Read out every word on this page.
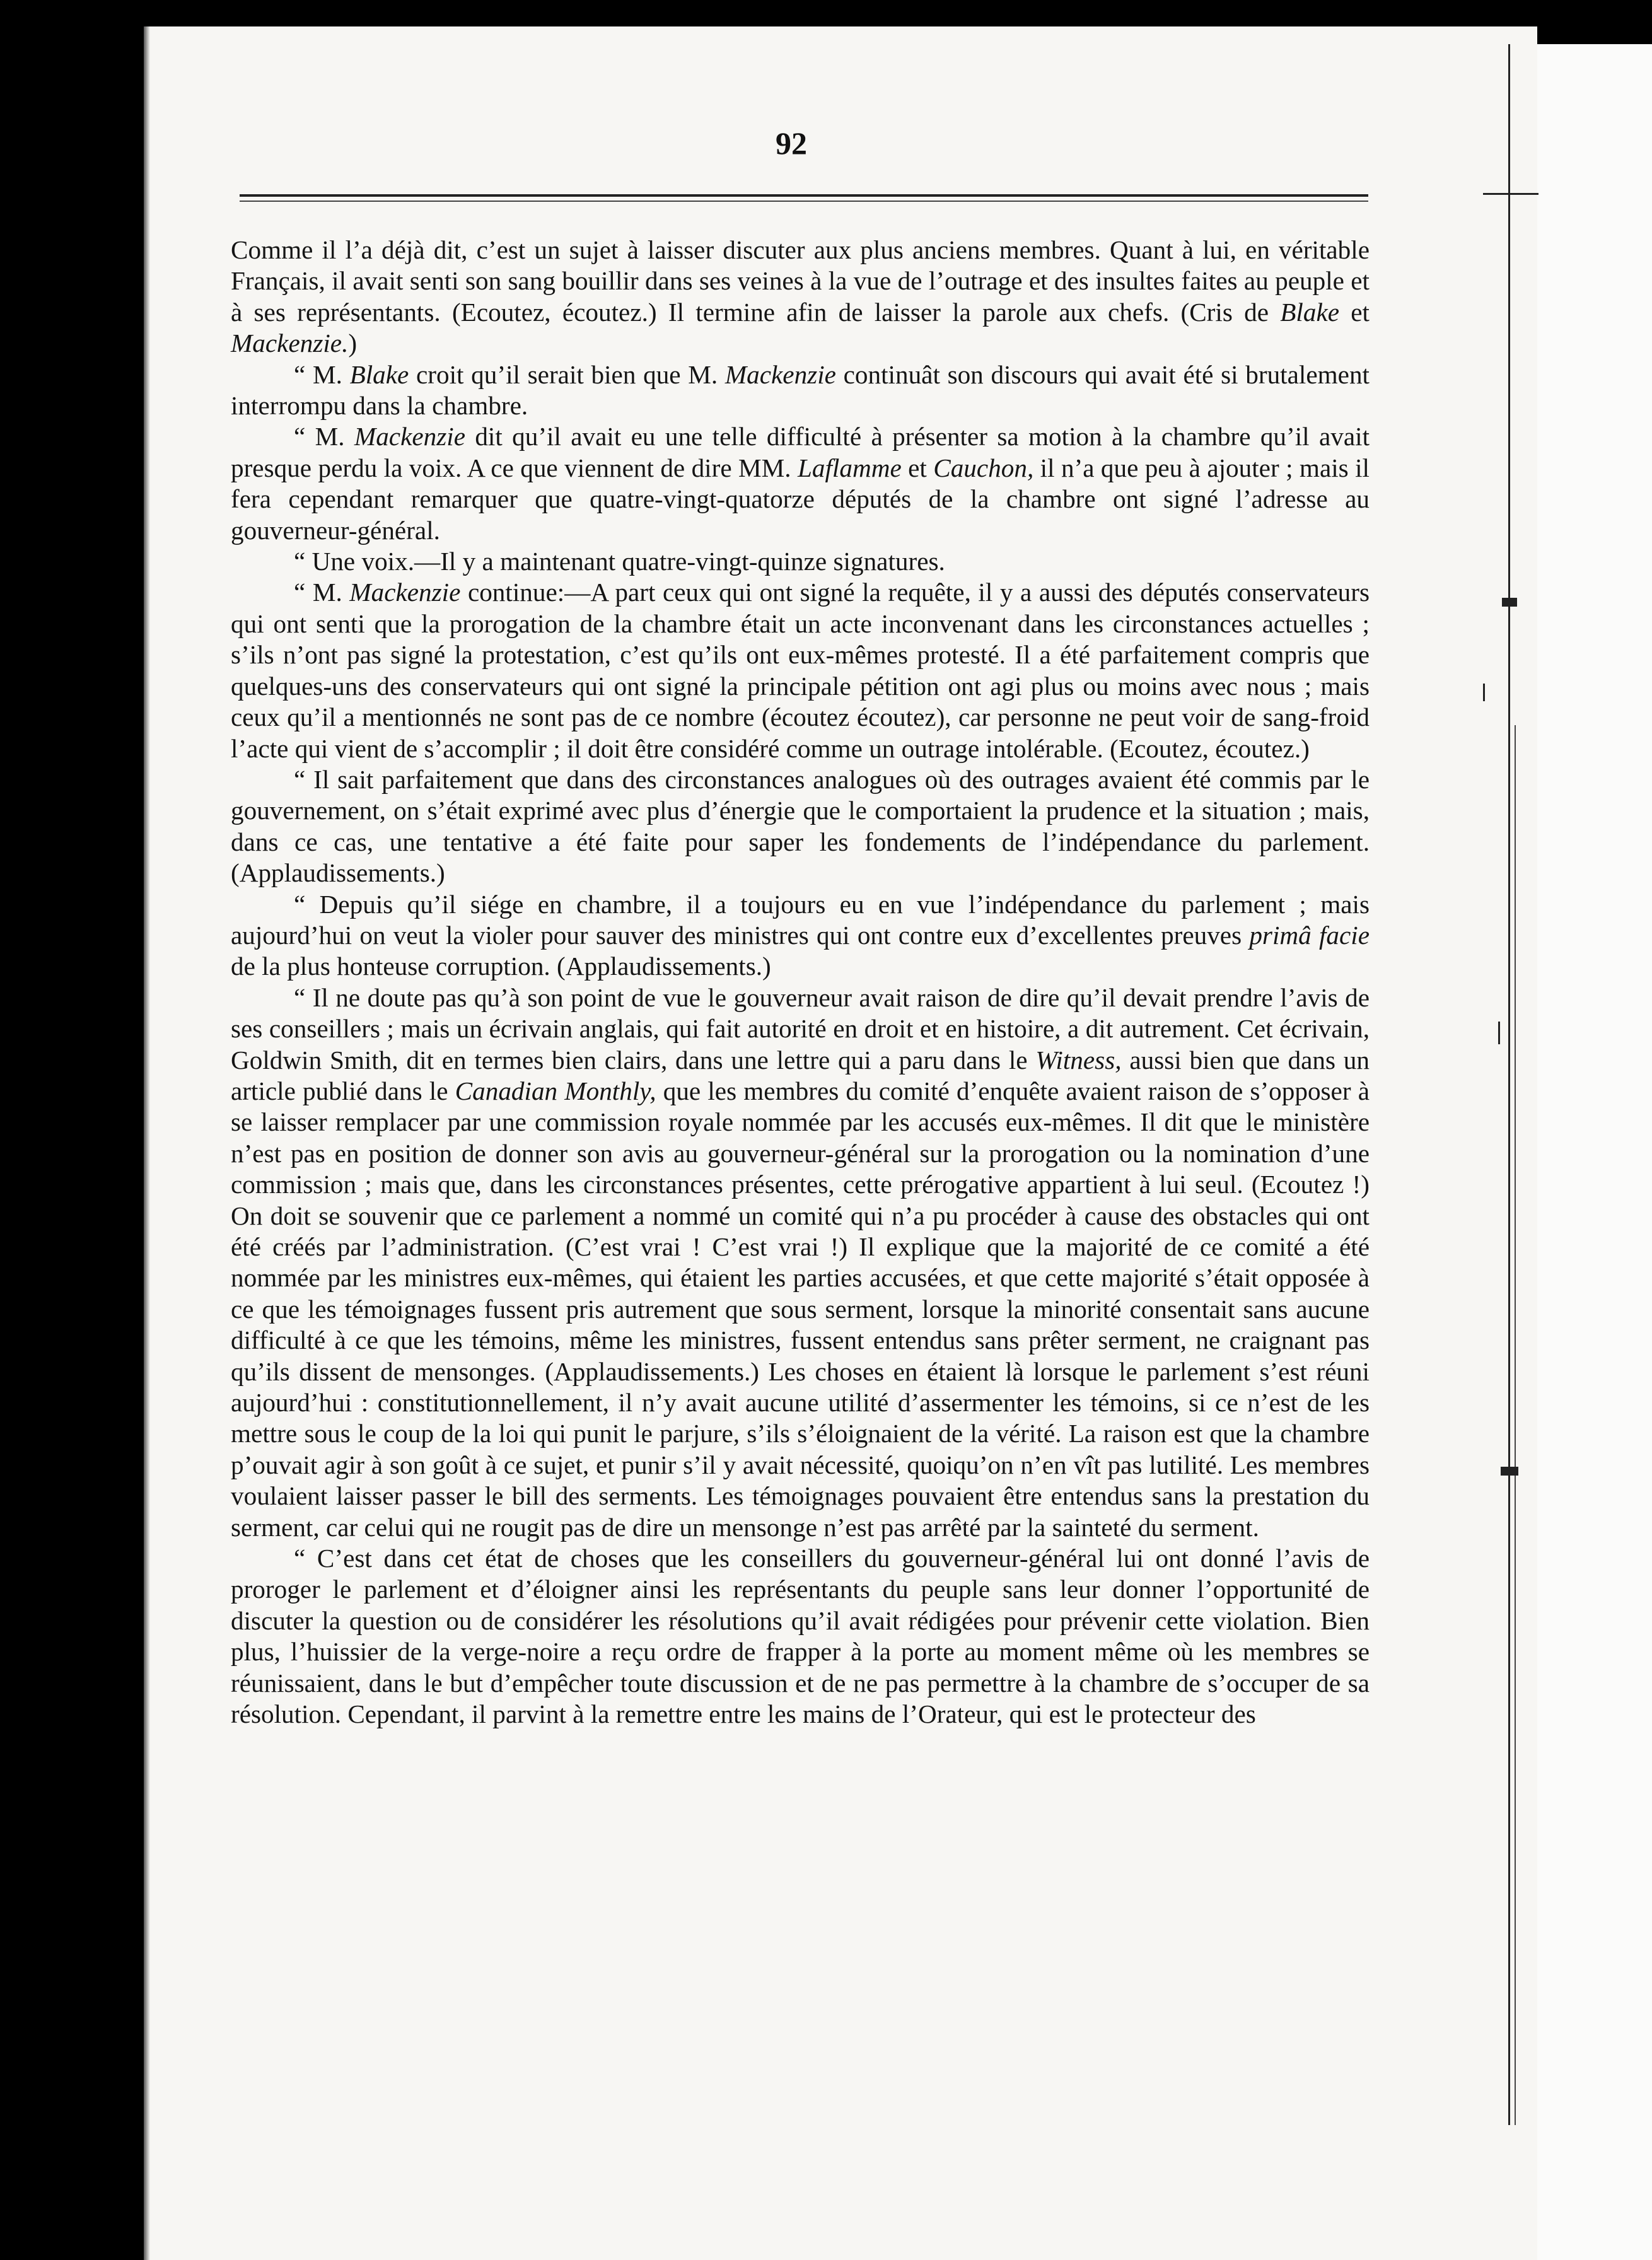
92

Comme il l’a déjà dit, c’est un sujet à laisser discuter aux plus anciens membres. Quant à lui, en véritable Français, il avait senti son sang bouillir dans ses veines à la vue de l’outrage et des insultes faites au peuple et à ses représentants. (Ecoutez, écoutez.) Il termine afin de laisser la parole aux chefs. (Cris de Blake et Mackenzie.)

“ M. Blake croit qu’il serait bien que M. Mackenzie continuât son discours qui avait été si brutalement interrompu dans la chambre.

“ M. Mackenzie dit qu’il avait eu une telle difficulté à présenter sa motion à la chambre qu’il avait presque perdu la voix. A ce que viennent de dire MM. Laflamme et Cauchon, il n’a que peu à ajouter ; mais il fera cependant remarquer que quatre-vingt-quatorze députés de la chambre ont signé l’adresse au gouverneur-général.

“ Une voix.—Il y a maintenant quatre-vingt-quinze signatures.

“ M. Mackenzie continue:—A part ceux qui ont signé la requête, il y a aussi des députés conservateurs qui ont senti que la prorogation de la chambre était un acte inconvenant dans les circonstances actuelles ; s’ils n’ont pas signé la protestation, c’est qu’ils ont eux-mêmes protesté. Il a été parfaitement compris que quelques-uns des conservateurs qui ont signé la principale pétition ont agi plus ou moins avec nous ; mais ceux qu’il a mentionnés ne sont pas de ce nombre (écoutez écoutez), car personne ne peut voir de sang-froid l’acte qui vient de s’accomplir ; il doit être considéré comme un outrage intolérable. (Ecoutez, écoutez.)

“ Il sait parfaitement que dans des circonstances analogues où des outrages avaient été commis par le gouvernement, on s’était exprimé avec plus d’énergie que le comportaient la prudence et la situation ; mais, dans ce cas, une tentative a été faite pour saper les fondements de l’indépendance du parlement. (Applaudissements.)

“ Depuis qu’il siége en chambre, il a toujours eu en vue l’indépendance du parlement ; mais aujourd’hui on veut la violer pour sauver des ministres qui ont contre eux d’excellentes preuves primâ facie de la plus honteuse corruption. (Applaudissements.)

“ Il ne doute pas qu’à son point de vue le gouverneur avait raison de dire qu’il devait prendre l’avis de ses conseillers ; mais un écrivain anglais, qui fait autorité en droit et en histoire, a dit autrement. Cet écrivain, Goldwin Smith, dit en termes bien clairs, dans une lettre qui a paru dans le Witness, aussi bien que dans un article publié dans le Canadian Monthly, que les membres du comité d’enquête avaient raison de s’opposer à se laisser remplacer par une commission royale nommée par les accusés eux-mêmes. Il dit que le ministère n’est pas en position de donner son avis au gouverneur-général sur la prorogation ou la nomination d’une commission ; mais que, dans les circonstances présentes, cette prérogative appartient à lui seul. (Ecoutez !) On doit se souvenir que ce parlement a nommé un comité qui n’a pu procéder à cause des obstacles qui ont été créés par l’administration. (C’est vrai ! C’est vrai !) Il explique que la majorité de ce comité a été nommée par les ministres eux-mêmes, qui étaient les parties accusées, et que cette majorité s’était opposée à ce que les témoignages fussent pris autrement que sous serment, lorsque la minorité consentait sans aucune difficulté à ce que les témoins, même les ministres, fussent entendus sans prêter serment, ne craignant pas qu’ils dissent de mensonges. (Applaudissements.) Les choses en étaient là lorsque le parlement s’est réuni aujourd’hui : constitutionnellement, il n’y avait aucune utilité d’assermenter les témoins, si ce n’est de les mettre sous le coup de la loi qui punit le parjure, s’ils s’éloignaient de la vérité. La raison est que la chambre p’ouvait agir à son goût à ce sujet, et punir s’il y avait nécessité, quoiqu’on n’en vît pas lutilité. Les membres voulaient laisser passer le bill des serments. Les témoignages pouvaient être entendus sans la prestation du serment, car celui qui ne rougit pas de dire un mensonge n’est pas arrêté par la sainteté du serment.

“ C’est dans cet état de choses que les conseillers du gouverneur-général lui ont donné l’avis de proroger le parlement et d’éloigner ainsi les représentants du peuple sans leur donner l’opportunité de discuter la question ou de considérer les résolutions qu’il avait rédigées pour prévenir cette violation. Bien plus, l’huissier de la verge-noire a reçu ordre de frapper à la porte au moment même où les membres se réunissaient, dans le but d’empêcher toute discussion et de ne pas permettre à la chambre de s’occuper de sa résolution. Cependant, il parvint à la remettre entre les mains de l’Orateur, qui est le protecteur des
